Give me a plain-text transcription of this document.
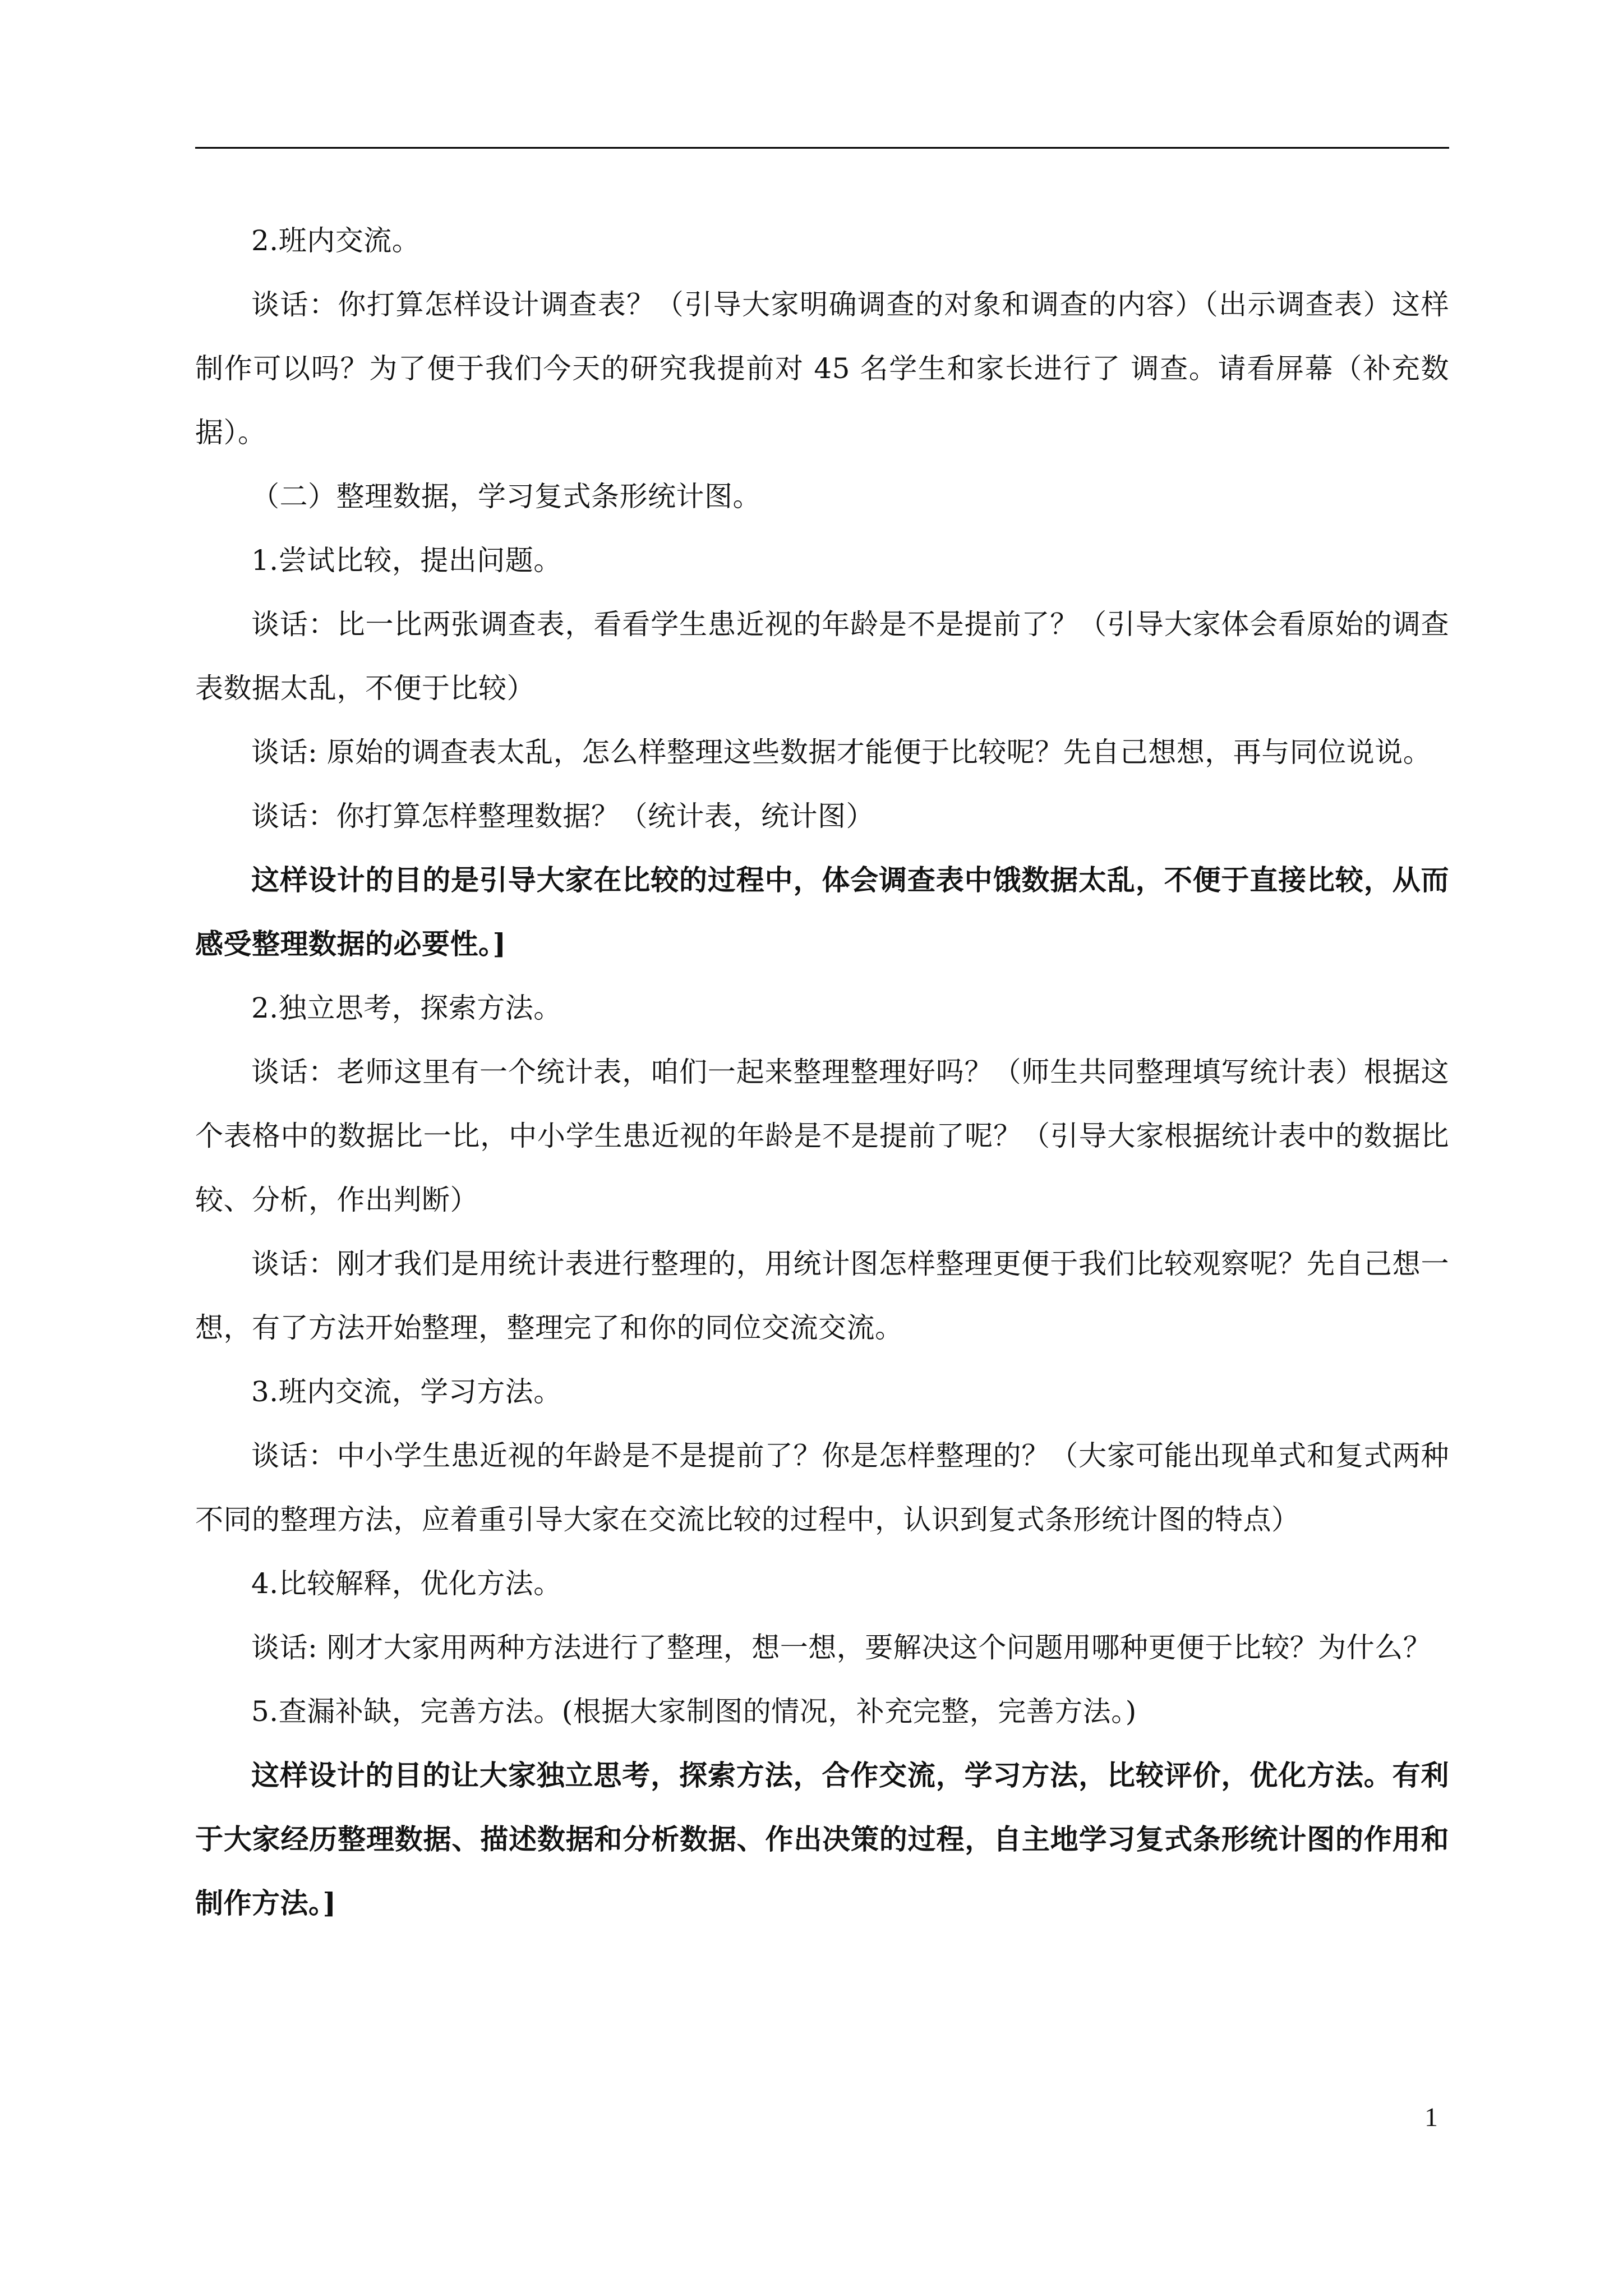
2.班内交流。

谈话：你打算怎样设计调查表？（引导大家明确调查的对象和调查的内容）（出示调查表）这样制作可以吗？为了便于我们今天的研究我提前对 45 名学生和家长进行了 调查。请看屏幕（补充数据）。

（二）整理数据，学习复式条形统计图。

1.尝试比较，提出问题。

谈话：比一比两张调查表，看看学生患近视的年龄是不是提前了？（引导大家体会看原始的调查表数据太乱，不便于比较）

谈话: 原始的调查表太乱，怎么样整理这些数据才能便于比较呢？先自己想想，再与同位说说。

谈话：你打算怎样整理数据？（统计表，统计图）

这样设计的目的是引导大家在比较的过程中，体会调查表中饿数据太乱，不便于直接比较，从而感受整理数据的必要性。]

2.独立思考，探索方法。

谈话：老师这里有一个统计表，咱们一起来整理整理好吗？（师生共同整理填写统计表）根据这个表格中的数据比一比，中小学生患近视的年龄是不是提前了呢？（引导大家根据统计表中的数据比较、分析，作出判断）

谈话：刚才我们是用统计表进行整理的，用统计图怎样整理更便于我们比较观察呢？先自己想一想，有了方法开始整理，整理完了和你的同位交流交流。

3.班内交流，学习方法。

谈话：中小学生患近视的年龄是不是提前了？你是怎样整理的？（大家可能出现单式和复式两种不同的整理方法，应着重引导大家在交流比较的过程中，认识到复式条形统计图的特点）

4.比较解释，优化方法。

谈话: 刚才大家用两种方法进行了整理，想一想，要解决这个问题用哪种更便于比较？为什么？

5.查漏补缺，完善方法。(根据大家制图的情况，补充完整，完善方法。)

这样设计的目的让大家独立思考，探索方法，合作交流，学习方法，比较评价，优化方法。有利于大家经历整理数据、描述数据和分析数据、作出决策的过程，自主地学习复式条形统计图的作用和制作方法。]

1
